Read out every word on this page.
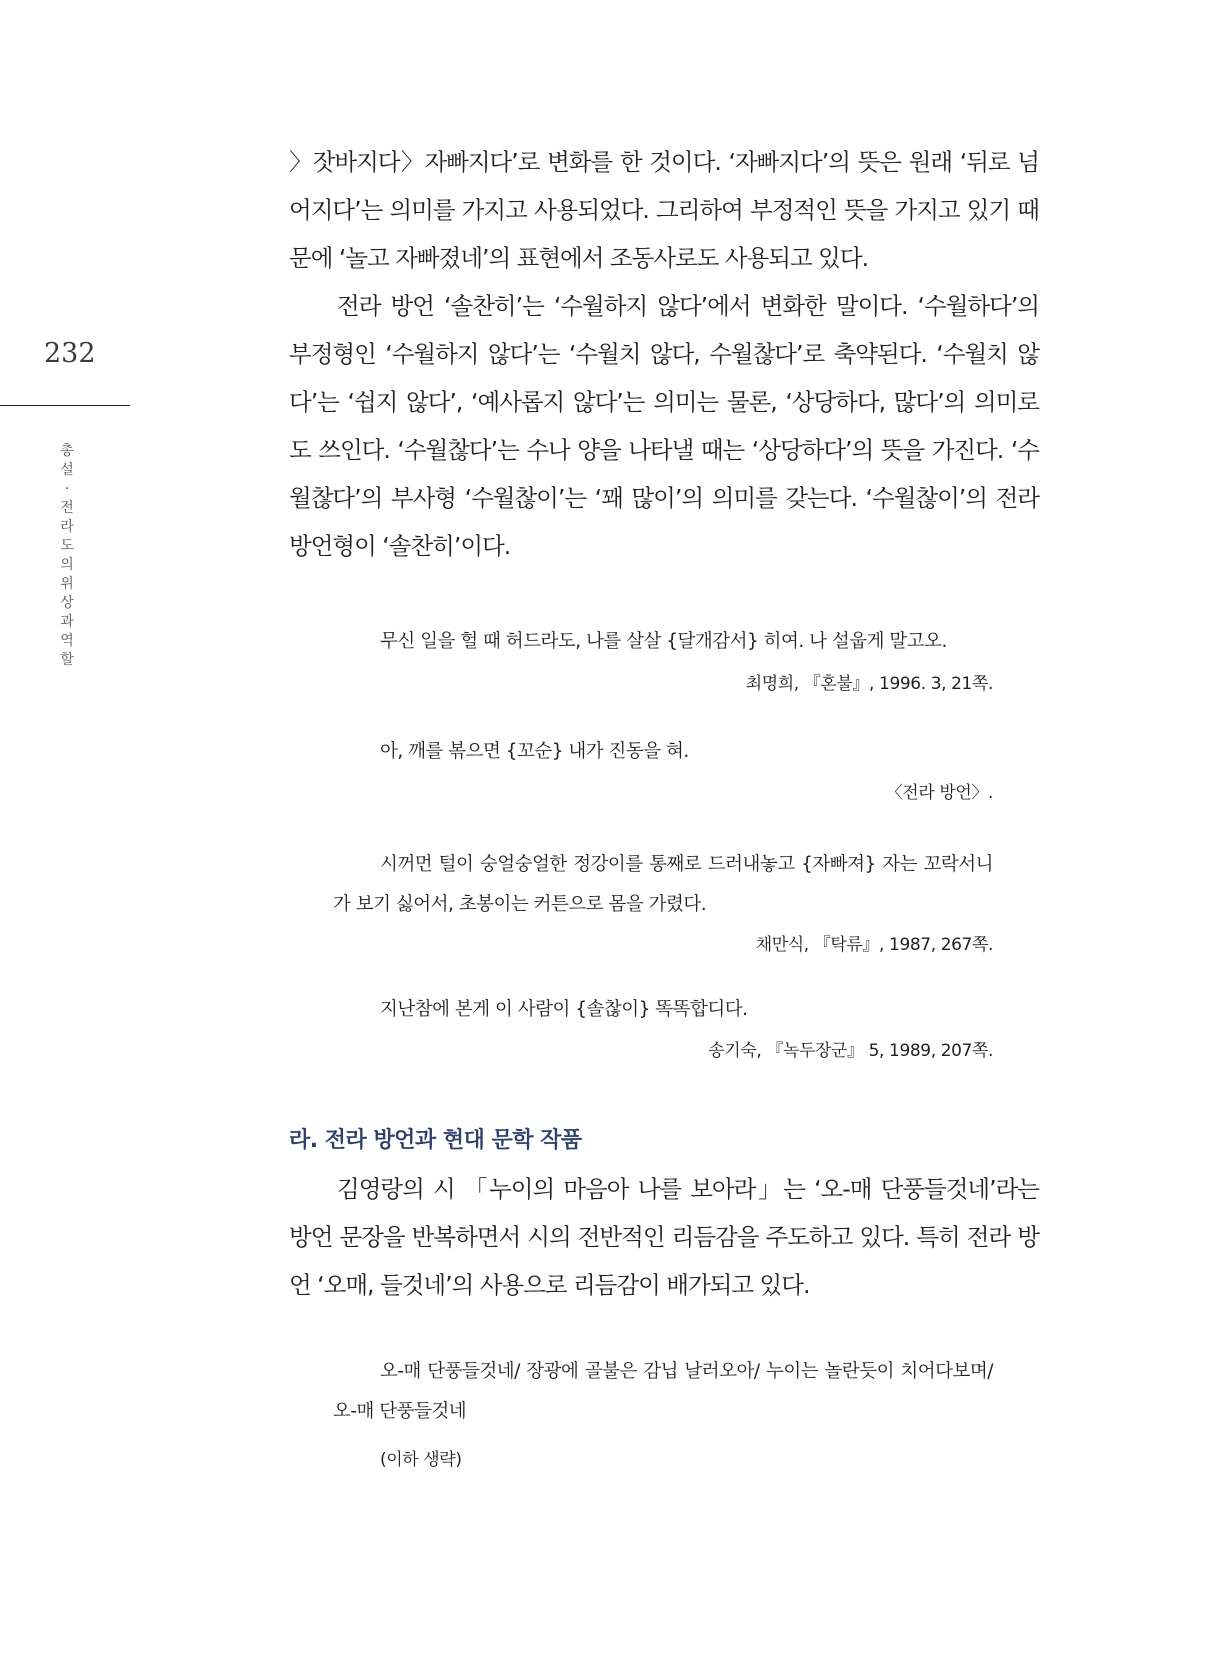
232
총설 · 전라도의 위상과 역할

〉잣바지다〉자빠지다’로 변화를 한 것이다. ‘자빠지다’의 뜻은 원래 ‘뒤로 넘어지다’는 의미를 가지고 사용되었다. 그리하여 부정적인 뜻을 가지고 있기 때문에 ‘놀고 자빠졌네’의 표현에서 조동사로도 사용되고 있다.

전라 방언 ‘솔찬히’는 ‘수월하지 않다’에서 변화한 말이다. ‘수월하다’의 부정형인 ‘수월하지 않다’는 ‘수월치 않다, 수월찮다’로 축약된다. ‘수월치 않다’는 ‘쉽지 않다’, ‘예사롭지 않다’는 의미는 물론, ‘상당하다, 많다’의 의미로도 쓰인다. ‘수월찮다’는 수나 양을 나타낼 때는 ‘상당하다’의 뜻을 가진다. ‘수월찮다’의 부사형 ‘수월찮이’는 ‘꽤 많이’의 의미를 갖는다. ‘수월찮이’의 전라 방언형이 ‘솔찬히’이다.

무신 일을 헐 때 허드라도, 나를 살살 {달개감서} 히여. 나 설웁게 말고오.

최명희, 『혼불』, 1996. 3, 21쪽.

아, 깨를 볶으면 {꼬순} 내가 진동을 혀.

〈전라 방언〉.

시꺼먼 털이 숭얼숭얼한 정강이를 통째로 드러내놓고 {자빠져} 자는 꼬락서니가 보기 싫어서, 초봉이는 커튼으로 몸을 가렸다.

채만식, 『탁류』, 1987, 267쪽.

지난참에 본게 이 사람이 {솔찮이} 똑똑합디다.

송기숙, 『녹두장군』 5, 1989, 207쪽.

라. 전라 방언과 현대 문학 작품

김영랑의 시 「누이의 마음아 나를 보아라」는 ‘오-매 단풍들것네’라는 방언 문장을 반복하면서 시의 전반적인 리듬감을 주도하고 있다. 특히 전라 방언 ‘오매, 들것네’의 사용으로 리듬감이 배가되고 있다.

오-매 단풍들것네/ 장광에 골불은 감닙 날러오아/ 누이는 놀란듯이 치어다보며/ 오-매 단풍들것네

(이하 생략)
